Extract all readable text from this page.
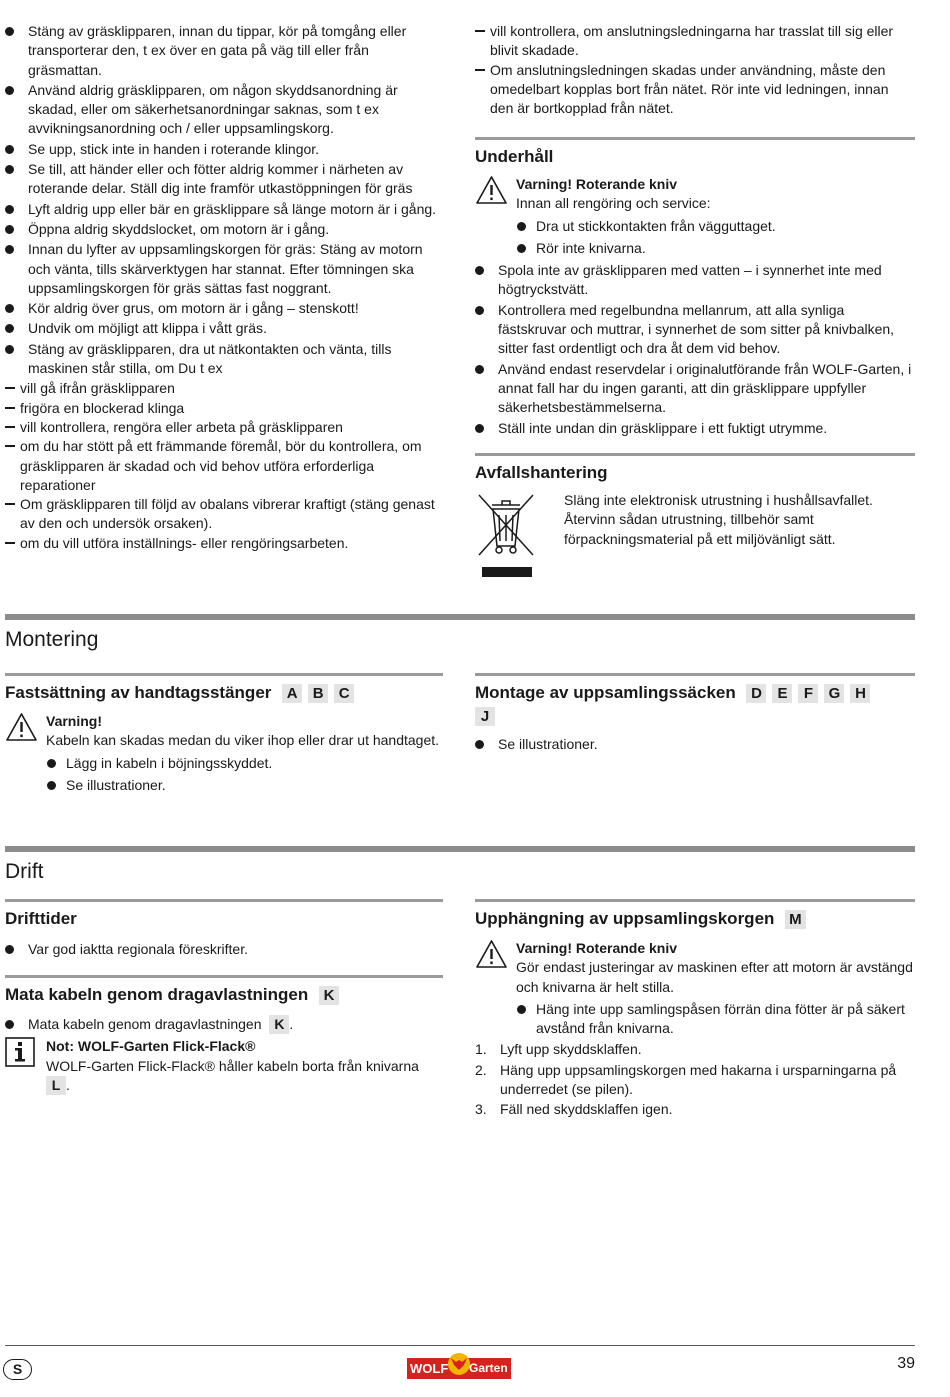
Stäng av gräsklipparen, innan du tippar, kör på tomgång eller transporterar den, t ex över en gata på väg till eller från gräsmattan.
Använd aldrig gräsklipparen, om någon skyddsanordning är skadad, eller om säkerhetsanordningar saknas, som t ex avvikningsanordning och / eller uppsamlingskorg.
Se upp, stick inte in handen i roterande klingor.
Se till, att händer eller och fötter aldrig kommer i närheten av roterande delar. Ställ dig inte framför utkastöppningen för gräs
Lyft aldrig upp eller bär en gräsklippare så länge motorn är i gång.
Öppna aldrig skyddslocket, om motorn är i gång.
Innan du lyfter av uppsamlingskorgen för gräs: Stäng av motorn och vänta, tills skärverktygen har stannat. Efter tömningen ska uppsamlingskorgen för gräs sättas fast noggrant.
Kör aldrig över grus, om motorn är i gång – stenskott!
Undvik om möjligt att klippa i vått gräs.
Stäng av gräsklipparen, dra ut nätkontakten och vänta, tills maskinen står stilla, om Du t ex
vill gå ifrån gräsklipparen
frigöra en blockerad klinga
vill kontrollera, rengöra eller arbeta på gräsklipparen
om du har stött på ett främmande föremål, bör du kontrollera, om gräsklipparen är skadad och vid behov utföra erforderliga reparationer
Om gräsklipparen till följd av obalans vibrerar kraftigt (stäng genast av den och undersök orsaken).
om du vill utföra inställnings- eller rengöringsarbeten.
vill kontrollera, om anslutningsledningarna har trasslat till sig eller blivit skadade.
Om anslutningsledningen skadas under användning, måste den omedelbart kopplas bort från nätet. Rör inte vid ledningen, innan den är bortkopplad från nätet.
Underhåll
Varning! Roterande kniv
Innan all rengöring och service:
Dra ut stickkontakten från vägguttaget.
Rör inte knivarna.
Spola inte av gräsklipparen med vatten – i synnerhet inte med högtryckstvätt.
Kontrollera med regelbundna mellanrum, att alla synliga fästskruvar och muttrar, i synnerhet de som sitter på knivbalken, sitter fast ordentligt och dra åt dem vid behov.
Använd endast reservdelar i originalutförande från WOLF-Garten, i annat fall har du ingen garanti, att din gräsklippare uppfyller säkerhetsbestämmelserna.
Ställ inte undan din gräsklippare i ett fuktigt utrymme.
Avfallshantering
Släng inte elektronisk utrustning i hushållsavfallet. Återvinn sådan utrustning, tillbehör samt förpackningsmaterial på ett miljövänligt sätt.
Montering
Fastsättning av handtagsstänger A B C
Varning!
Kabeln kan skadas medan du viker ihop eller drar ut handtaget.
Lägg in kabeln i böjningsskyddet.
Se illustrationer.
Montage av uppsamlingssäcken D E F G H
J
Se illustrationer.
Drift
Drifttider
Var god iaktta regionala föreskrifter.
Mata kabeln genom dragavlastningen K
Mata kabeln genom dragavlastningen K .
Not: WOLF-Garten Flick-Flack®
WOLF-Garten Flick-Flack® håller kabeln borta från knivarna
L .
Upphängning av uppsamlingskorgen M
Varning! Roterande kniv
Gör endast justeringar av maskinen efter att motorn är avstängd och knivarna är helt stilla.
Häng inte upp samlingspåsen förrän dina fötter är på säkert avstånd från knivarna.
1. Lyft upp skyddsklaffen.
2. Häng upp uppsamlingskorgen med hakarna i ursparningarna på underredet (se pilen).
3. Fäll ned skyddsklaffen igen.
S	WOLF Garten	39
